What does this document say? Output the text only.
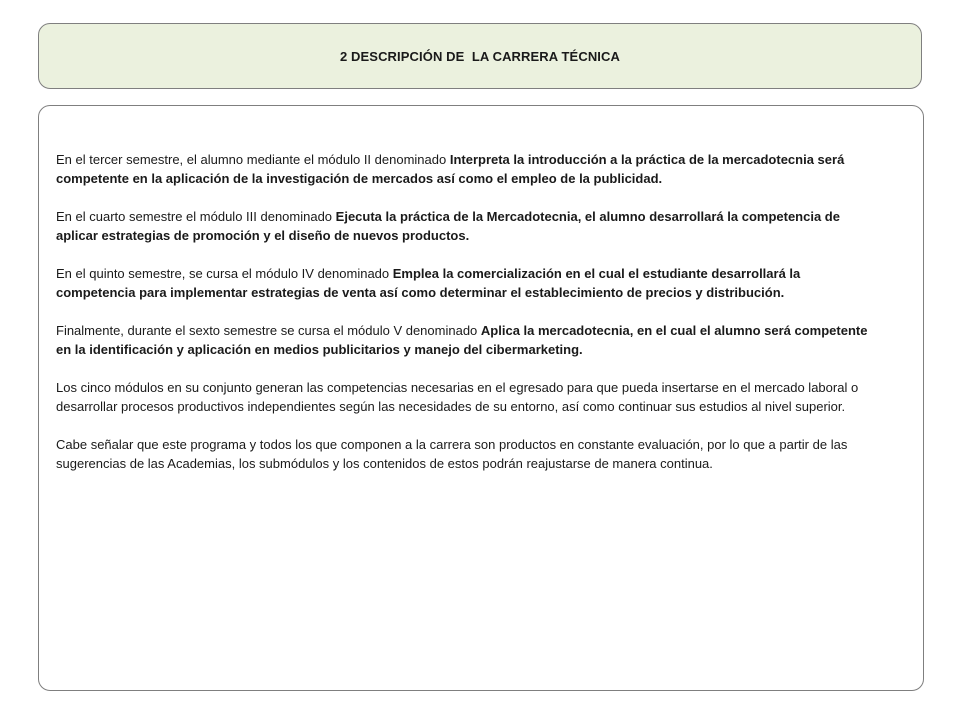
2 DESCRIPCIÓN DE  LA CARRERA TÉCNICA

En el tercer semestre, el alumno mediante el módulo II denominado Interpreta la introducción a la práctica de la mercadotecnia será competente en la aplicación de la investigación de mercados así como el empleo de la publicidad.

En el cuarto semestre el módulo III denominado Ejecuta la práctica de la Mercadotecnia, el alumno desarrollará la competencia de aplicar estrategias de promoción y el diseño de nuevos productos.

En el quinto semestre, se cursa el módulo IV denominado Emplea la comercialización en el cual el estudiante desarrollará la competencia para implementar estrategias de venta así como determinar el establecimiento de precios y distribución.

Finalmente, durante el sexto semestre se cursa el módulo V denominado Aplica la mercadotecnia, en el cual el alumno será competente en la identificación y aplicación en medios publicitarios y manejo del cibermarketing.

Los cinco módulos en su conjunto generan las competencias necesarias en el egresado para que pueda insertarse en el mercado laboral o desarrollar procesos productivos independientes según las necesidades de su entorno, así como continuar sus estudios al nivel superior.

Cabe señalar que este programa y todos los que componen a la carrera son productos en constante evaluación, por lo que a partir de las sugerencias de las Academias, los submódulos y los contenidos de estos podrán reajustarse de manera continua.
